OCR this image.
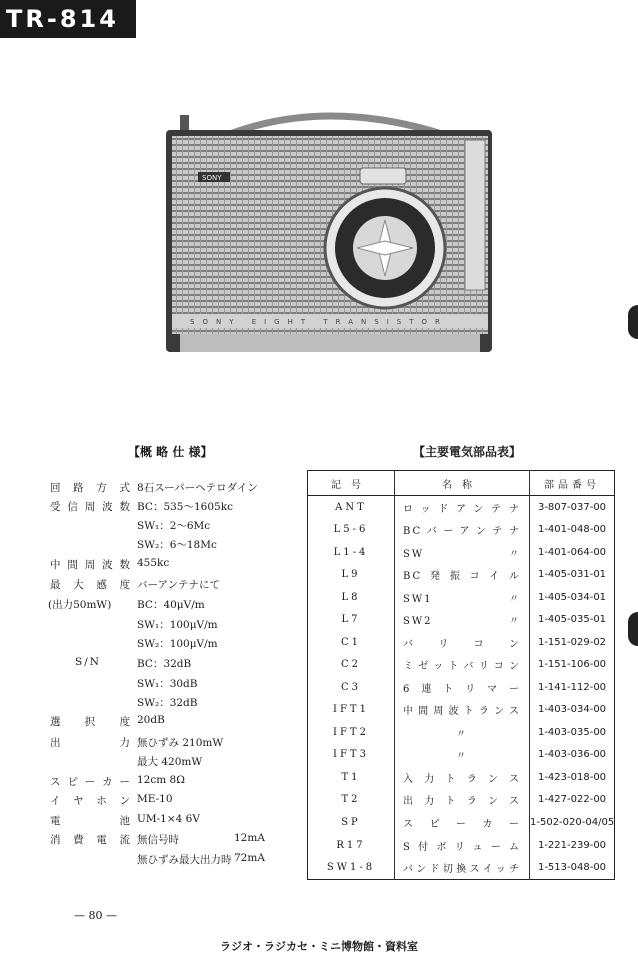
TR-814
SONY EIGHT TRANSISTOR
SONY
【概 略 仕 様】	【主要電気部品表】
回路方式 8石スーパーヘテロダイン
受信周波数 BC：535～1605kc
SW₁：2～6Mc
SW₂：6～18Mc
中間周波数 455kc
最大感度 バーアンテナにて
(出力50mW) BC：40μV/m
SW₁：100μV/m
SW₂：100μV/m
S/N	BC：32dB
SW₁：30dB
SW₂：32dB
選択度 20dB
出力 無ひずみ 210mW
最大 420mW
スピーカー 12cm 8Ω
イヤホン ME-10
電池 UM-1×4 6V
消費電流 無信号時	12mA
無ひずみ最大出力時 72mA
記号	名称	部品番号
ANT	ロッドアンテナ	3-807-037-00
L5-6	BCバーアンテナ	1-401-048-00
L1-4	SW　〃	1-401-064-00
L9	BC発振コイル	1-405-031-01
L8	SW1　〃	1-405-034-01
L7	SW2　〃	1-405-035-01
C1	バリコン	1-151-029-02
C2	ミゼットバリコン	1-151-106-00
C3	6連トリマー	1-141-112-00
IFT1	中間周波トランス	1-403-034-00
IFT2	〃	1-403-035-00
IFT3	〃	1-403-036-00
T1	入力トランス	1-423-018-00
T2	出力トランス	1-427-022-00
SP	スピーカー	1-502-020-04/05
R17	S付ボリューム	1-221-239-00
SW1-8	バンド切換スイッチ	1-513-048-00
— 80 —
ラジオ・ラジカセ・ミニ博物館・資料室
